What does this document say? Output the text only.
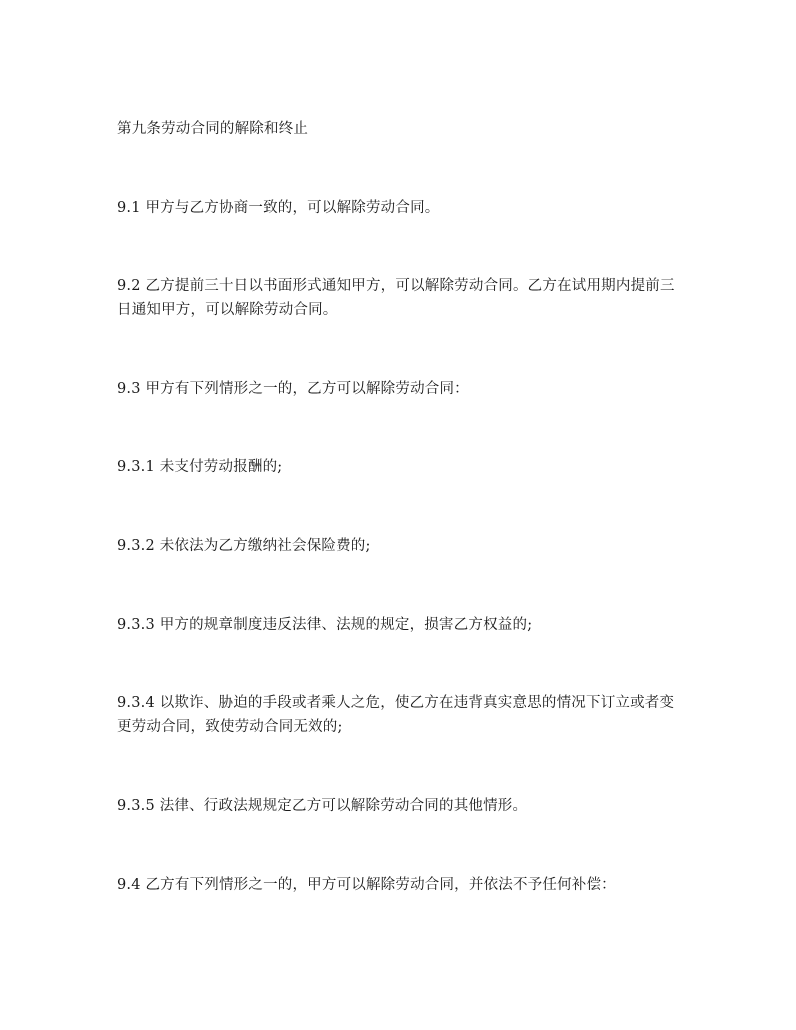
第九条劳动合同的解除和终止

9.1 甲方与乙方协商一致的，可以解除劳动合同。

9.2 乙方提前三十日以书面形式通知甲方，可以解除劳动合同。乙方在试用期内提前三日通知甲方，可以解除劳动合同。

9.3 甲方有下列情形之一的，乙方可以解除劳动合同：

9.3.1 未支付劳动报酬的;

9.3.2 未依法为乙方缴纳社会保险费的;

9.3.3 甲方的规章制度违反法律、法规的规定，损害乙方权益的;

9.3.4 以欺诈、胁迫的手段或者乘人之危，使乙方在违背真实意思的情况下订立或者变更劳动合同，致使劳动合同无效的;

9.3.5 法律、行政法规规定乙方可以解除劳动合同的其他情形。

9.4 乙方有下列情形之一的，甲方可以解除劳动合同，并依法不予任何补偿：
